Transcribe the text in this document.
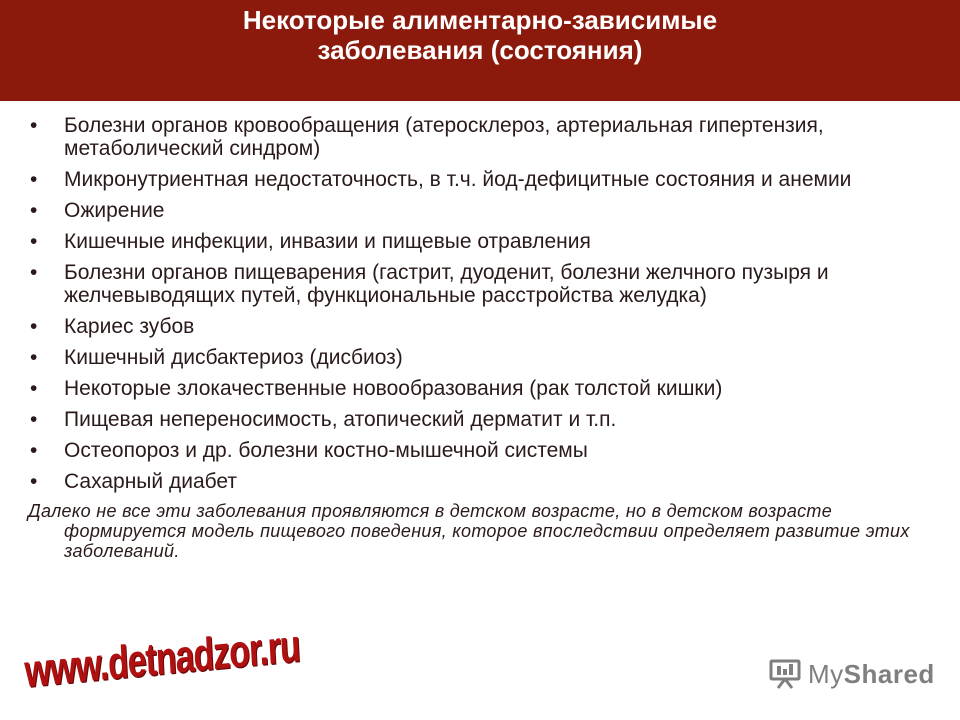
Некоторые алиментарно-зависимые
заболевания (состояния)
• Болезни органов кровообращения (атеросклероз, артериальная гипертензия, метаболический синдром)
• Микронутриентная недостаточность, в т.ч. йод-дефицитные состояния и анемии
• Ожирение
• Кишечные инфекции, инвазии и пищевые отравления
• Болезни органов пищеварения (гастрит, дуоденит, болезни желчного пузыря и желчевыводящих путей, функциональные расстройства желудка)
• Кариес зубов
• Кишечный дисбактериоз (дисбиоз)
• Некоторые злокачественные новообразования (рак толстой кишки)
• Пищевая непереносимость, атопический дерматит и т.п.
• Остеопороз и др. болезни костно-мышечной системы
• Сахарный диабет
Далеко не все эти заболевания проявляются в детском возрасте, но в детском возрасте формируется модель пищевого поведения, которое впоследствии определяет развитие этих заболеваний.
www.detnadzor.ru	MyShared
